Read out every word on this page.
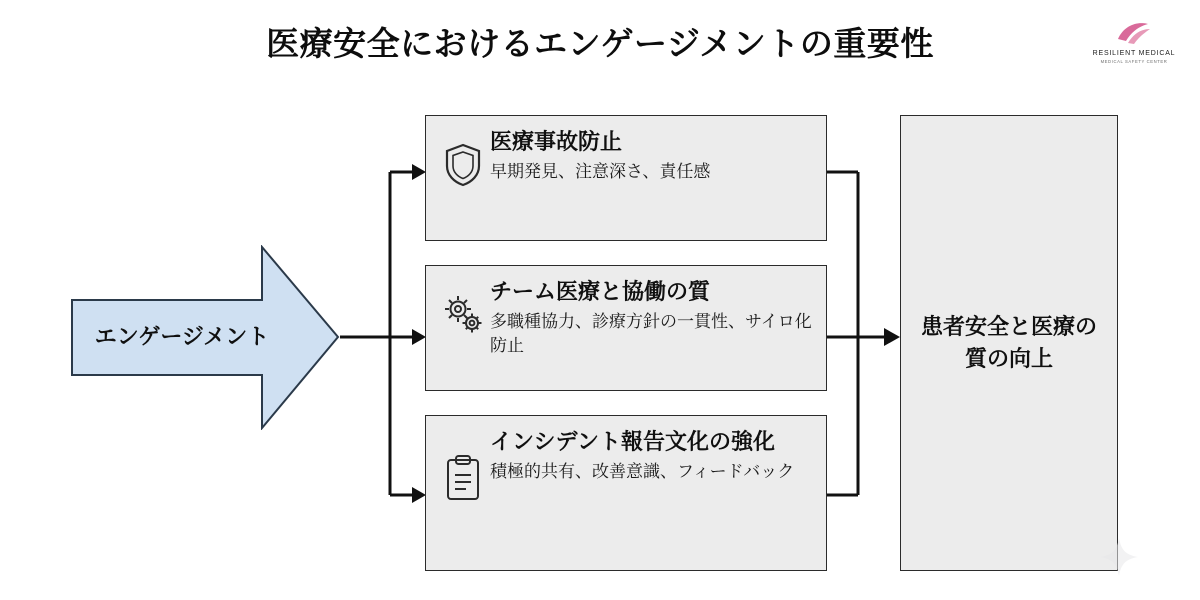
医療安全におけるエンゲージメントの重要性	RESILIENT MEDICAL
MEDICAL SAFETY CENTER
エンゲージメント
医療事故防止
早期発見、注意深さ、責任感
チーム医療と協働の質
多職種協力、診療方針の一貫性、サイロ化防止
インシデント報告文化の強化
積極的共有、改善意識、フィードバック
患者安全と医療の質の向上
